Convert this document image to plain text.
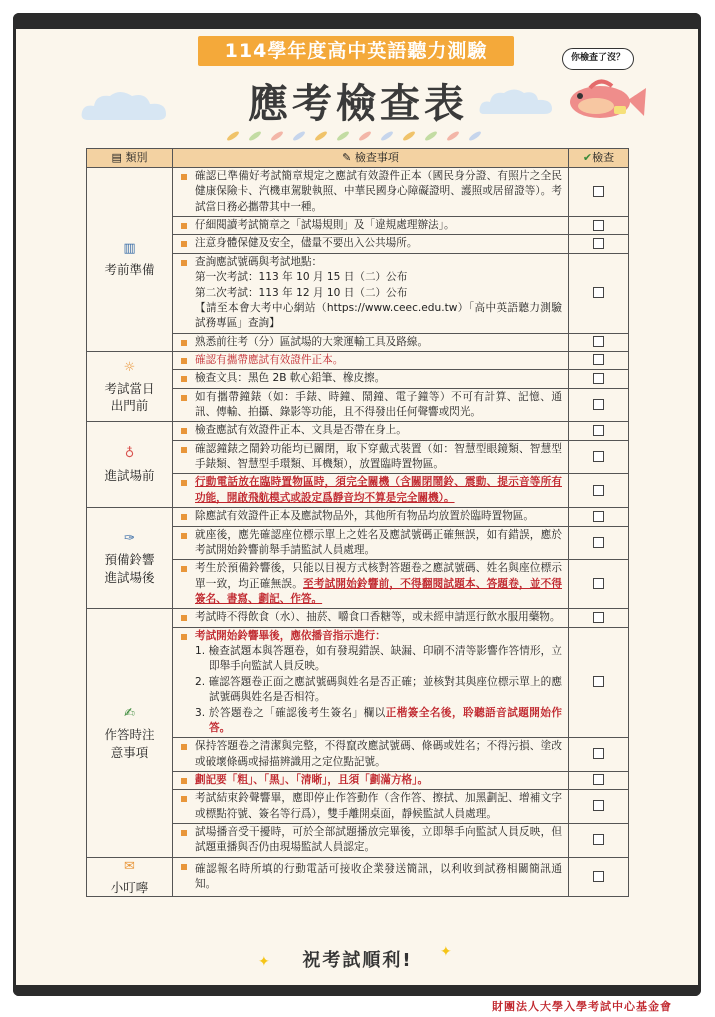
114學年度高中英語聽力測驗
應考檢查表
你檢查了沒？
▤ 類別	✎ 檢查事項	✔檢查

▥
考前準備	確認已準備好考試簡章規定之應試有效證件正本（國民身分證、有照片之全民健康保險卡、汽機車駕駛執照、中華民國身心障礙證明、護照或居留證等）。考試當日務必攜帶其中一種。	
	仔細閱讀考試簡章之「試場規則」及「違規處理辦法」。	
	注意身體保健及安全，儘量不要出入公共場所。	
	查詢應試號碼與考試地點：
第一次考試：113 年 10 月 15 日（二）公布
第二次考試：113 年 12 月 10 日（二）公布
【請至本會大考中心網站（https://www.ceec.edu.tw）「高中英語聽力測驗試務專區」查詢】	
	熟悉前往考（分）區試場的大衆運輸工具及路線。	

☼
考試當日出門前	確認有攜帶應試有效證件正本。	
	檢查文具：黑色 2B 軟心鉛筆、橡皮擦。	
	如有攜帶鐘錶（如：手錶、時鐘、鬧鐘、電子鐘等）不可有計算、記憶、通訊、傳輸、拍攝、錄影等功能，且不得發出任何聲響或閃光。	

♁
進試場前	檢查應試有效證件正本、文具是否帶在身上。	
	確認鐘錶之鬧鈴功能均已關閉，取下穿戴式裝置（如：智慧型眼鏡類、智慧型手錶類、智慧型手環類、耳機類），放置臨時置物區。	
	行動電話放在臨時置物區時，須完全關機（含關閉鬧鈴、震動、提示音等所有功能，開啟飛航模式或設定爲靜音均不算是完全關機）。	

✑
預備鈴響進試場後	除應試有效證件正本及應試物品外，其他所有物品均放置於臨時置物區。	
	就座後，應先確認座位標示單上之姓名及應試號碼正確無誤，如有錯誤，應於考試開始鈴響前舉手請監試人員處理。	
	考生於預備鈴響後，只能以目視方式核對答題卷之應試號碼、姓名與座位標示單一致，均正確無誤。至考試開始鈴響前，不得翻閱試題本、答題卷，並不得簽名、書寫、劃記、作答。	

✍
作答時注意事項	考試時不得飲食（水）、抽菸、嚼食口香糖等，或未經申請逕行飲水服用藥物。	
	考試開始鈴響畢後，應依播音指示進行：
1. 檢查試題本與答題卷，如有發現錯誤、缺漏、印刷不清等影響作答情形，立即舉手向監試人員反映。
2. 確認答題卷正面之應試號碼與姓名是否正確；並核對其與座位標示單上的應試號碼與姓名是否相符。
3. 於答題卷之「確認後考生簽名」欄以正楷簽全名後，聆聽語音試題開始作答。	

	保持答題卷之清潔與完整，不得竄改應試號碼、條碼或姓名；不得污損、塗改或破壞條碼或掃描辨識用之定位點記號。	
	劃記要「粗」、「黑」、「清晰」，且須「劃滿方格」。	
	考試結束鈴聲響畢，應即停止作答動作（含作答、擦拭、加黑劃記、增補文字或標點符號、簽名等行爲），雙手離開桌面，靜候監試人員處理。	
	試場播音受干擾時，可於全部試題播放完畢後，立即舉手向監試人員反映，但試題重播與否仍由現場監試人員認定。	

✉
小叮嚀	確認報名時所填的行動電話可接收企業發送簡訊，以利收到試務相關簡訊通知。	
✦
✦
祝考試順利!
財團法人大學入學考試中心基金會
